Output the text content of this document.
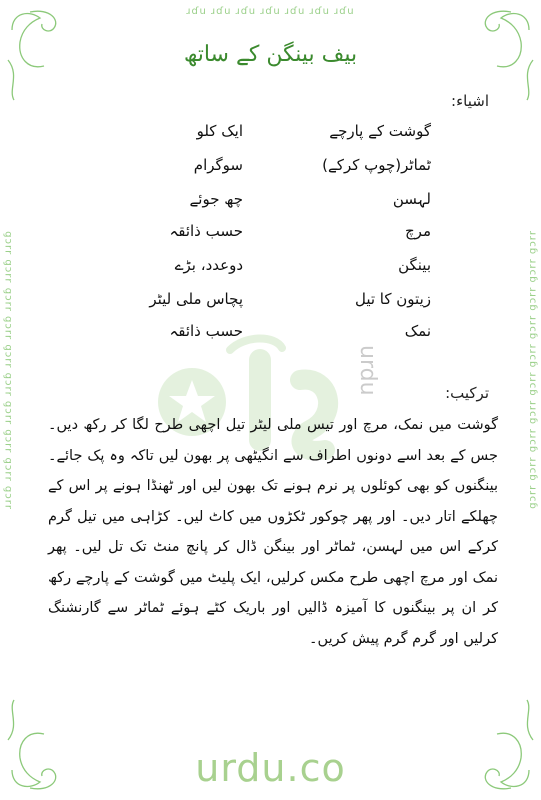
ɹɗu ɹɗu ɹɗu ɹɗu ɹɗu ɹɗu ɹɗu
ɹɹcɓ ɹɹcɓ ɹɹcɓ ɹɹcɓ ɹɹcɓ ɹɹcɓ ɹɹcɓ ɹɹcɓ ɹɹcɓ ɹɹcɓ	ɹɹcɓ ɹɹcɓ ɹɹcɓ ɹɹcɓ ɹɹcɓ ɹɹcɓ ɹɹcɓ ɹɹcɓ ɹɹcɓ ɹɹcɓ
بیف بینگن کے ساتھ
اشیاء:
گوشت کے پارچے
ایک کلو
ٹماٹر(چوپ کرکے)
سوگرام
لہسن
چھ جوئے
مرچ
حسب ذائقہ
بینگن
دوعدد، بڑے
زیتون کا تیل
پچاس ملی لیٹر
نمک
حسب ذائقہ
urdu	ترکیب:
گوشت میں نمک، مرچ اور تیس ملی لیٹر تیل اچھی طرح لگا کر رکھ دیں۔ جس کے بعد اسے دونوں اطراف سے انگیٹھی پر بھون لیں تاکہ وہ پک جائے۔ بینگنوں کو بھی کوئلوں پر نرم ہونے تک بھون لیں اور ٹھنڈا ہونے پر اس کے چھلکے اتار دیں۔ اور پھر چوکور ٹکڑوں میں کاٹ لیں۔ کڑاہی میں تیل گرم کرکے اس میں لہسن، ٹماٹر اور بینگن ڈال کر پانچ منٹ تک تل لیں۔ پھر نمک اور مرچ اچھی طرح مکس کرلیں، ایک پلیٹ میں گوشت کے پارچے رکھ کر ان پر بینگنوں کا آمیزہ ڈالیں اور باریک کٹے ہوئے ٹماٹر سے گارنشنگ کرلیں اور گرم گرم پیش کریں۔
urdu.co
